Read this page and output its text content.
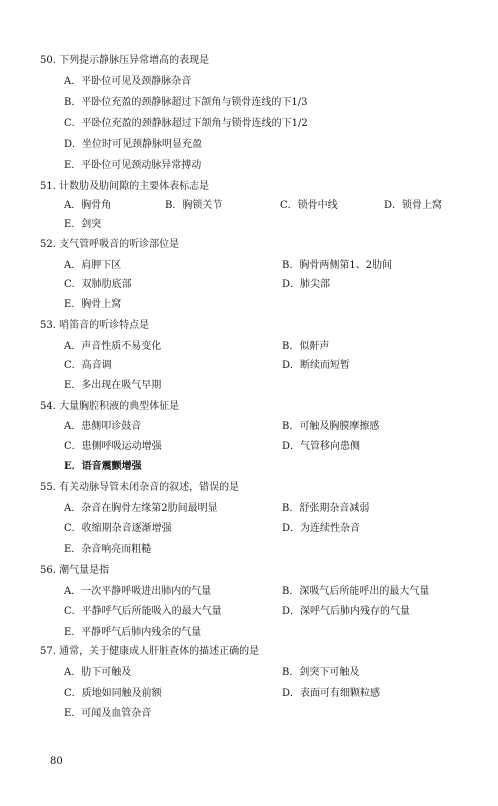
50. 下列提示静脉压异常增高的表现是
A．平卧位可见及颈静脉杂音
B．平卧位充盈的颈静脉超过下颌角与锁骨连线的下1/3
C．平卧位充盈的颈静脉超过下颌角与锁骨连线的下1/2
D．坐位时可见颈静脉明显充盈
E．平卧位可见颈动脉异常搏动
51. 计数肋及肋间隙的主要体表标志是
A．胸骨角	B．胸锁关节	C．锁骨中线	D．锁骨上窝
E．剑突
52. 支气管呼吸音的听诊部位是
A．肩胛下区	B．胸骨两侧第1、2肋间
C．双肺肋底部	D．肺尖部
E．胸骨上窝
53. 哨笛音的听诊特点是
A．声音性质不易变化	B．似鼾声
C．高音调	D．断续而短暂
E．多出现在吸气早期
54. 大量胸腔积液的典型体征是
A．患侧叩诊鼓音	B．可触及胸膜摩擦感
C．患侧呼吸运动增强	D．气管移向患侧
E．语音震颤增强
55. 有关动脉导管未闭杂音的叙述，错误的是
A．杂音在胸骨左缘第2肋间最明显	B．舒张期杂音减弱
C．收缩期杂音逐渐增强	D．为连续性杂音
E．杂音响亮而粗糙
56. 潮气量是指
A．一次平静呼吸进出肺内的气量	B．深吸气后所能呼出的最大气量
C．平静呼气后所能吸入的最大气量	D．深呼气后肺内残存的气量
E．平静呼气后肺内残余的气量
57. 通常，关于健康成人肝脏查体的描述正确的是
A．肋下可触及	B．剑突下可触及
C．质地如同触及前额	D．表面可有细颗粒感
E．可闻及血管杂音
80
